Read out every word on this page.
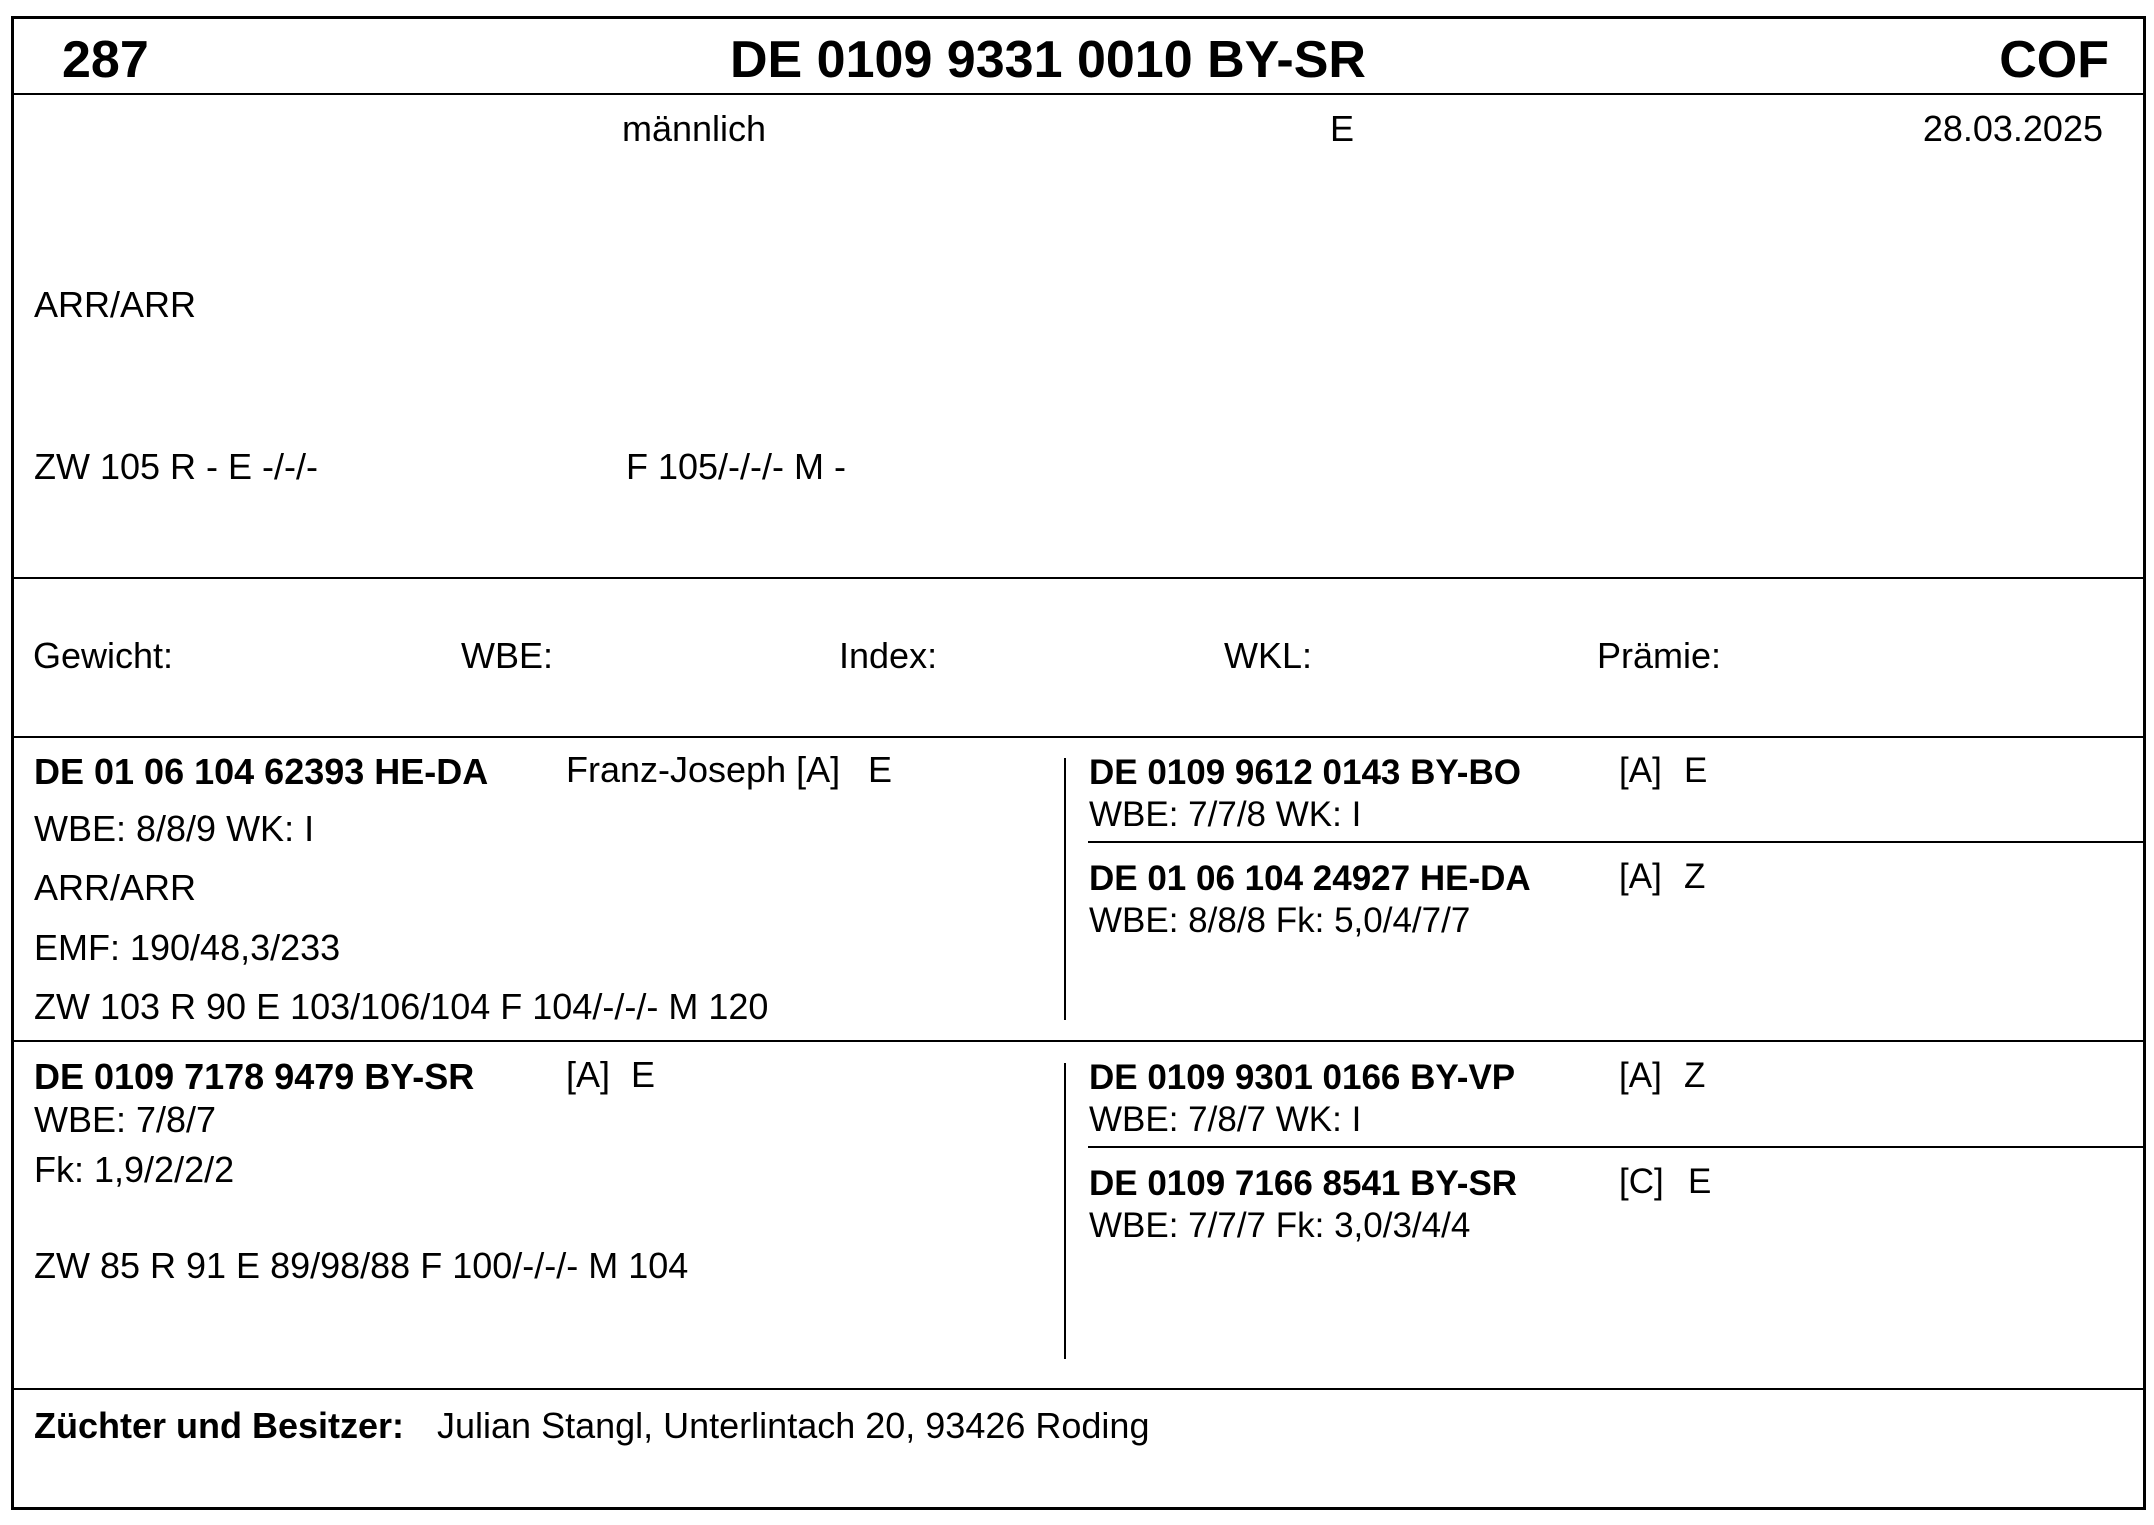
287	DE 0109 9331 0010 BY-SR	COF
männlich	E	28.03.2025
ARR/ARR
ZW 105 R - E -/-/-	F 105/-/-/- M -
Gewicht:	WBE:	Index:	WKL:	Prämie:
DE 01 06 104 62393 HE-DA Franz-Joseph [A] E
WBE: 8/8/9 WK: I
ARR/ARR
EMF: 190/48,3/233
ZW 103 R 90 E 103/106/104 F 104/-/-/- M 120
DE 0109 9612 0143 BY-BO	[A] E
WBE: 7/7/8 WK: I
DE 01 06 104 24927 HE-DA	[A] Z
WBE: 8/8/8 Fk: 5,0/4/7/7
DE 0109 7178 9479 BY-SR	[A] E
WBE: 7/8/7
Fk: 1,9/2/2/2
ZW 85 R 91 E 89/98/88 F 100/-/-/- M 104
DE 0109 9301 0166 BY-VP	[A] Z
WBE: 7/8/7 WK: I
DE 0109 7166 8541 BY-SR	[C] E
WBE: 7/7/7 Fk: 3,0/3/4/4
Züchter und Besitzer: Julian Stangl, Unterlintach 20, 93426 Roding
